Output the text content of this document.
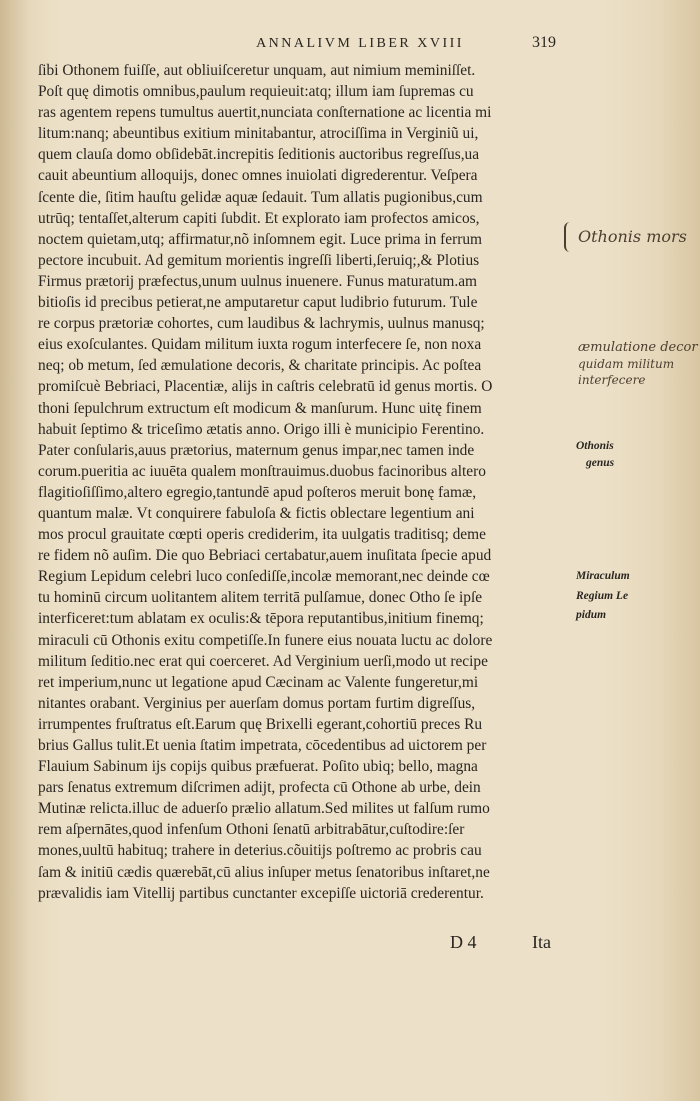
ANNALIVM LIBER XVIII	319
ſibi Othonem fuiſſe, aut obliuiſceretur unquam, aut nimium meminiſſet.
Poſt quę dimotis omnibus,paulum requieuit:atq; illum iam ſupremas cu
ras agentem repens tumultus auertit,nunciata conſternatione ac licentia mi
litum:nanq; abeuntibus exitium minitabantur, atrociſſima in Verginiũ ui,
quem clauſa domo obſidebāt.increpitis ſeditionis auctoribus regreſſus,ua
cauit abeuntium alloquijs, donec omnes inuiolati digrederentur. Veſpera
ſcente die, ſitim hauſtu gelidæ aquæ ſedauit. Tum allatis pugionibus,cum
utrūq; tentaſſet,alterum capiti ſubdit. Et explorato iam profectos amicos,
noctem quietam,utq; affirmatur,nõ inſomnem egit. Luce prima in ferrum
pectore incubuit. Ad gemitum morientis ingreſſi liberti,ſeruiq;,& Plotius
Firmus prætorij præfectus,unum uulnus inuenere. Funus maturatum.am
bitioſis id precibus petierat,ne amputaretur caput ludibrio futurum. Tule
re corpus prætoriæ cohortes, cum laudibus & lachrymis, uulnus manusq;
eius exoſculantes. Quidam militum iuxta rogum interfecere ſe, non noxa
neq; ob metum, ſed æmulatione decoris, & charitate principis. Ac poſtea
promiſcuè Bebriaci, Placentiæ, alijs in caſtris celebratū id genus mortis. O
thoni ſepulchrum extructum eſt modicum & manſurum. Hunc uitę finem
habuit ſeptimo & triceſimo ætatis anno. Origo illi è municipio Ferentino.
Pater conſularis,auus prætorius, maternum genus impar,nec tamen inde
corum.pueritia ac iuuēta qualem monſtrauimus.duobus facinoribus altero
flagitioſiſſimo,altero egregio,tantundē apud poſteros meruit bonę famæ,
quantum malæ. Vt conquirere fabuloſa & fictis oblectare legentium ani
mos procul grauitate cœpti operis crediderim, ita uulgatis traditisq; deme
re fidem nõ auſim. Die quo Bebriaci certabatur,auem inuſitata ſpecie apud
Regium Lepidum celebri luco conſediſſe,incolæ memorant,nec deinde cœ
tu hominū circum uolitantem alitem territā pulſamue, donec Otho ſe ipſe
interficeret:tum ablatam ex oculis:& tēpora reputantibus,initium finemq;
miraculi cū Othonis exitu competiſſe.In funere eius nouata luctu ac dolore
militum ſeditio.nec erat qui coerceret. Ad Verginium uerſi,modo ut recipe
ret imperium,nunc ut legatione apud Cæcinam ac Valente fungeretur,mi
nitantes orabant. Verginius per auerſam domus portam furtim digreſſus,
irrumpentes fruſtratus eſt.Earum quę Brixelli egerant,cohortiū preces Ru
brius Gallus tulit.Et uenia ſtatim impetrata, cōcedentibus ad uictorem per
Flauium Sabinum ijs copijs quibus præfuerat. Poſito ubiq; bello, magna
pars ſenatus extremum diſcrimen adijt, profecta cū Othone ab urbe, dein
Mutinæ relicta.illuc de aduerſo prælio allatum.Sed milites ut falſum rumo
rem aſpernātes,quod infenſum Othoni ſenatū arbitrabātur,cuſtodire:ſer
mones,uultū habituq; trahere in deterius.cõuitijs poſtremo ac probris cau
ſam & initiū cædis quærebāt,cū alius inſuper metus ſenatoribus inſtaret,ne
prævalidis iam Vitellij partibus cunctanter excepiſſe uictoriā crederentur.
Othonis mors
æmulatione decor
quidam militum
interfecere
Othonis
genus
Miraculum
Regium Le
pidum
D 4	Ita
